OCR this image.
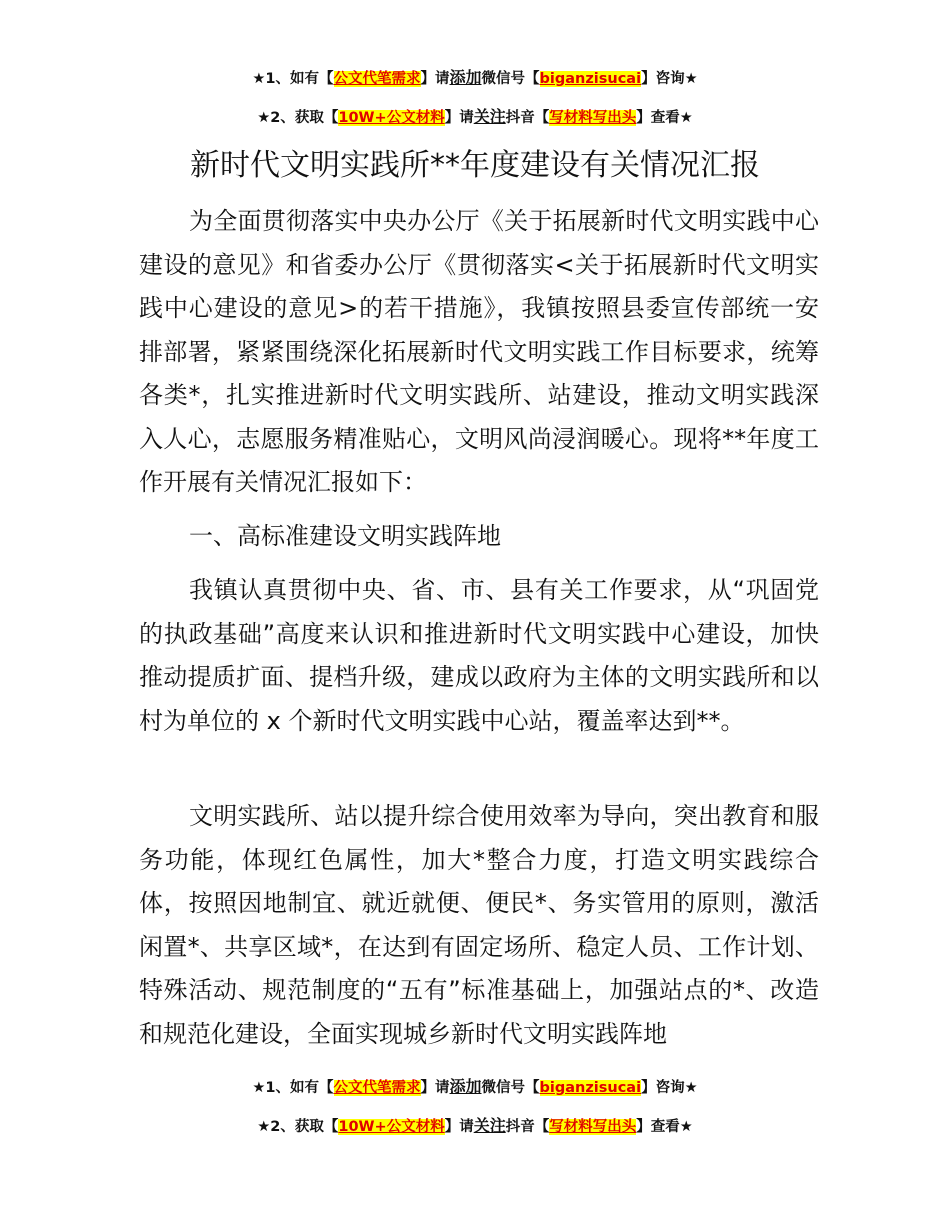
★1、如有【公文代笔需求】请添加微信号【biganzisucai】咨询★
★2、获取【10W+公文材料】请关注抖音【写材料写出头】查看★
新时代文明实践所**年度建设有关情况汇报

为全面贯彻落实中央办公厅《关于拓展新时代文明实践中心建设的意见》和省委办公厅《贯彻落实<关于拓展新时代文明实践中心建设的意见>的若干措施》，我镇按照县委宣传部统一安排部署，紧紧围绕深化拓展新时代文明实践工作目标要求，统筹各类*，扎实推进新时代文明实践所、站建设，推动文明实践深入人心，志愿服务精准贴心，文明风尚浸润暖心。现将**年度工作开展有关情况汇报如下：

一、高标准建设文明实践阵地

我镇认真贯彻中央、省、市、县有关工作要求，从“巩固党的执政基础”高度来认识和推进新时代文明实践中心建设，加快推动提质扩面、提档升级，建成以政府为主体的文明实践所和以村为单位的 x 个新时代文明实践中心站，覆盖率达到**。

文明实践所、站以提升综合使用效率为导向，突出教育和服务功能，体现红色属性，加大*整合力度，打造文明实践综合体，按照因地制宜、就近就便、便民*、务实管用的原则，激活闲置*、共享区域*，在达到有固定场所、稳定人员、工作计划、特殊活动、规范制度的“五有”标准基础上，加强站点的*、改造和规范化建设，全面实现城乡新时代文明实践阵地

★1、如有【公文代笔需求】请添加微信号【biganzisucai】咨询★
★2、获取【10W+公文材料】请关注抖音【写材料写出头】查看★
